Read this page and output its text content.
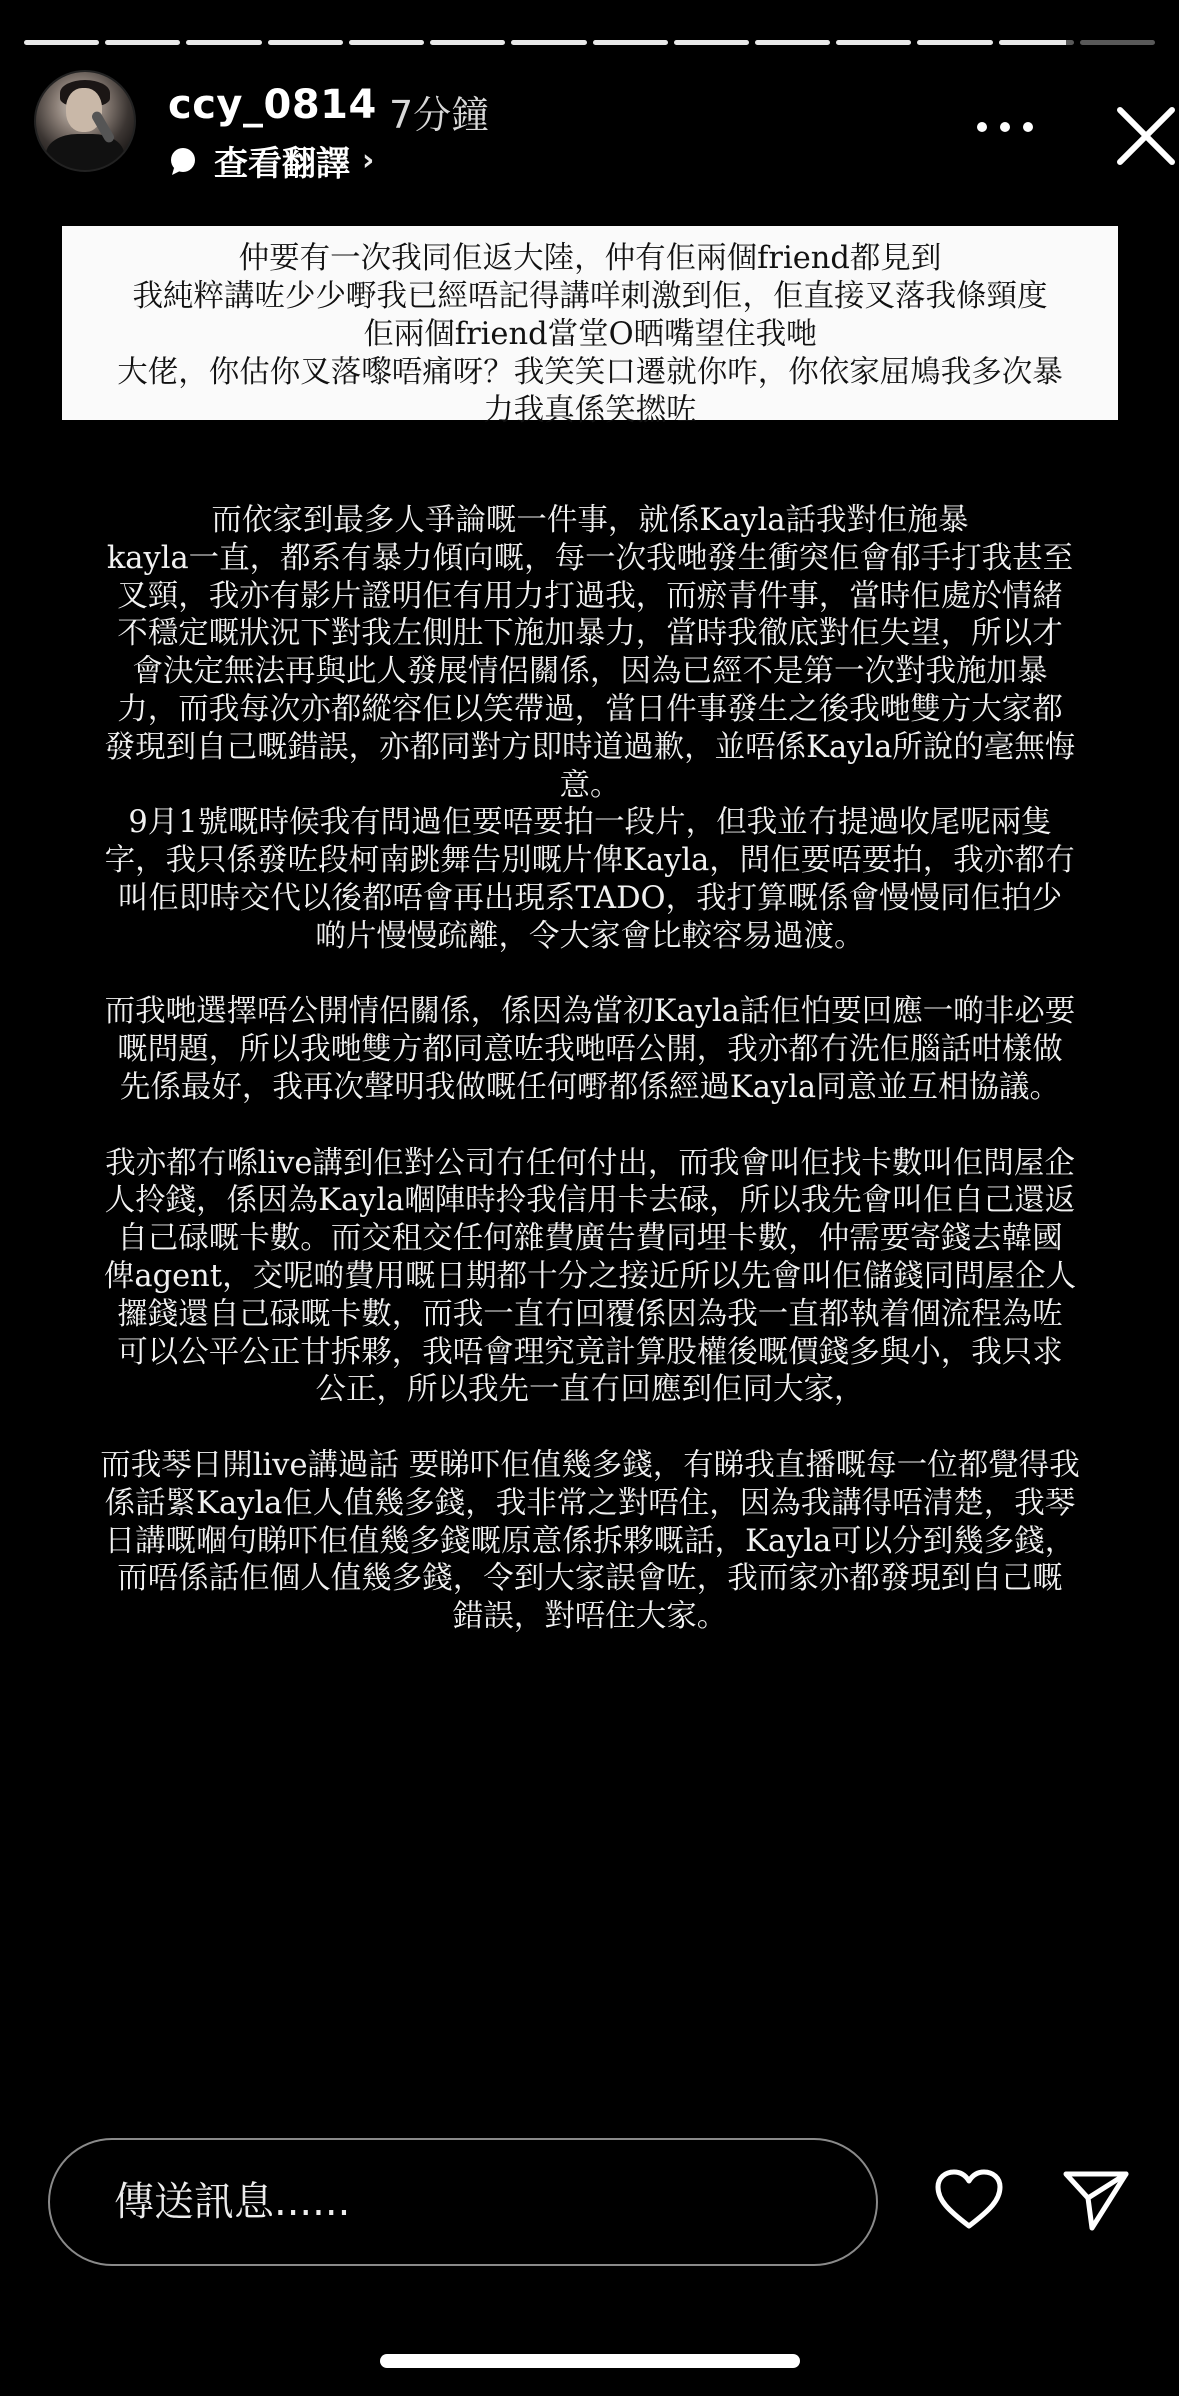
ccy_0814 7分鐘
查看翻譯 ›
仲要有一次我同佢返大陸，仲有佢兩個friend都見到
我純粹講咗少少嘢我已經唔記得講咩刺激到佢，佢直接叉落我條頸度
佢兩個friend當堂O晒嘴望住我哋
大佬，你估你叉落嚟唔痛呀？我笑笑口遷就你咋，你依家屈鳩我多次暴
力我真係笑撚咗
而依家到最多人爭論嘅一件事，就係Kayla話我對佢施暴
kayla一直，都系有暴力傾向嘅，每一次我哋發生衝突佢會郁手打我甚至
叉頸，我亦有影片證明佢有用力打過我，而瘀青件事，當時佢處於情緒
不穩定嘅狀況下對我左側肚下施加暴力，當時我徹底對佢失望，所以才
會決定無法再與此人發展情侶關係，因為已經不是第一次對我施加暴
力，而我每次亦都縱容佢以笑帶過，當日件事發生之後我哋雙方大家都
發現到自己嘅錯誤，亦都同對方即時道過歉，並唔係Kayla所說的毫無悔
意。
9月1號嘅時候我有問過佢要唔要拍一段片，但我並冇提過收尾呢兩隻
字，我只係發咗段柯南跳舞告別嘅片俾Kayla，問佢要唔要拍，我亦都冇
叫佢即時交代以後都唔會再出現系TADO，我打算嘅係會慢慢同佢拍少
啲片慢慢疏離，令大家會比較容易過渡。
而我哋選擇唔公開情侶關係，係因為當初Kayla話佢怕要回應一啲非必要
嘅問題，所以我哋雙方都同意咗我哋唔公開，我亦都冇洗佢腦話咁樣做
先係最好，我再次聲明我做嘅任何嘢都係經過Kayla同意並互相協議。
我亦都冇喺live講到佢對公司冇任何付出，而我會叫佢找卡數叫佢問屋企
人拎錢，係因為Kayla嗰陣時拎我信用卡去碌，所以我先會叫佢自己還返
自己碌嘅卡數。而交租交任何雜費廣告費同埋卡數，仲需要寄錢去韓國
俾agent，交呢啲費用嘅日期都十分之接近所以先會叫佢儲錢同問屋企人
攞錢還自己碌嘅卡數，而我一直冇回覆係因為我一直都執着個流程為咗
可以公平公正甘拆夥，我唔會理究竟計算股權後嘅價錢多與小，我只求
公正，所以我先一直冇回應到佢同大家，
而我琴日開live講過話 要睇吓佢值幾多錢，有睇我直播嘅每一位都覺得我
係話緊Kayla佢人值幾多錢，我非常之對唔住，因為我講得唔清楚，我琴
日講嘅嗰句睇吓佢值幾多錢嘅原意係拆夥嘅話，Kayla可以分到幾多錢，
而唔係話佢個人值幾多錢，令到大家誤會咗，我而家亦都發現到自己嘅
錯誤，對唔住大家。
傳送訊息......
